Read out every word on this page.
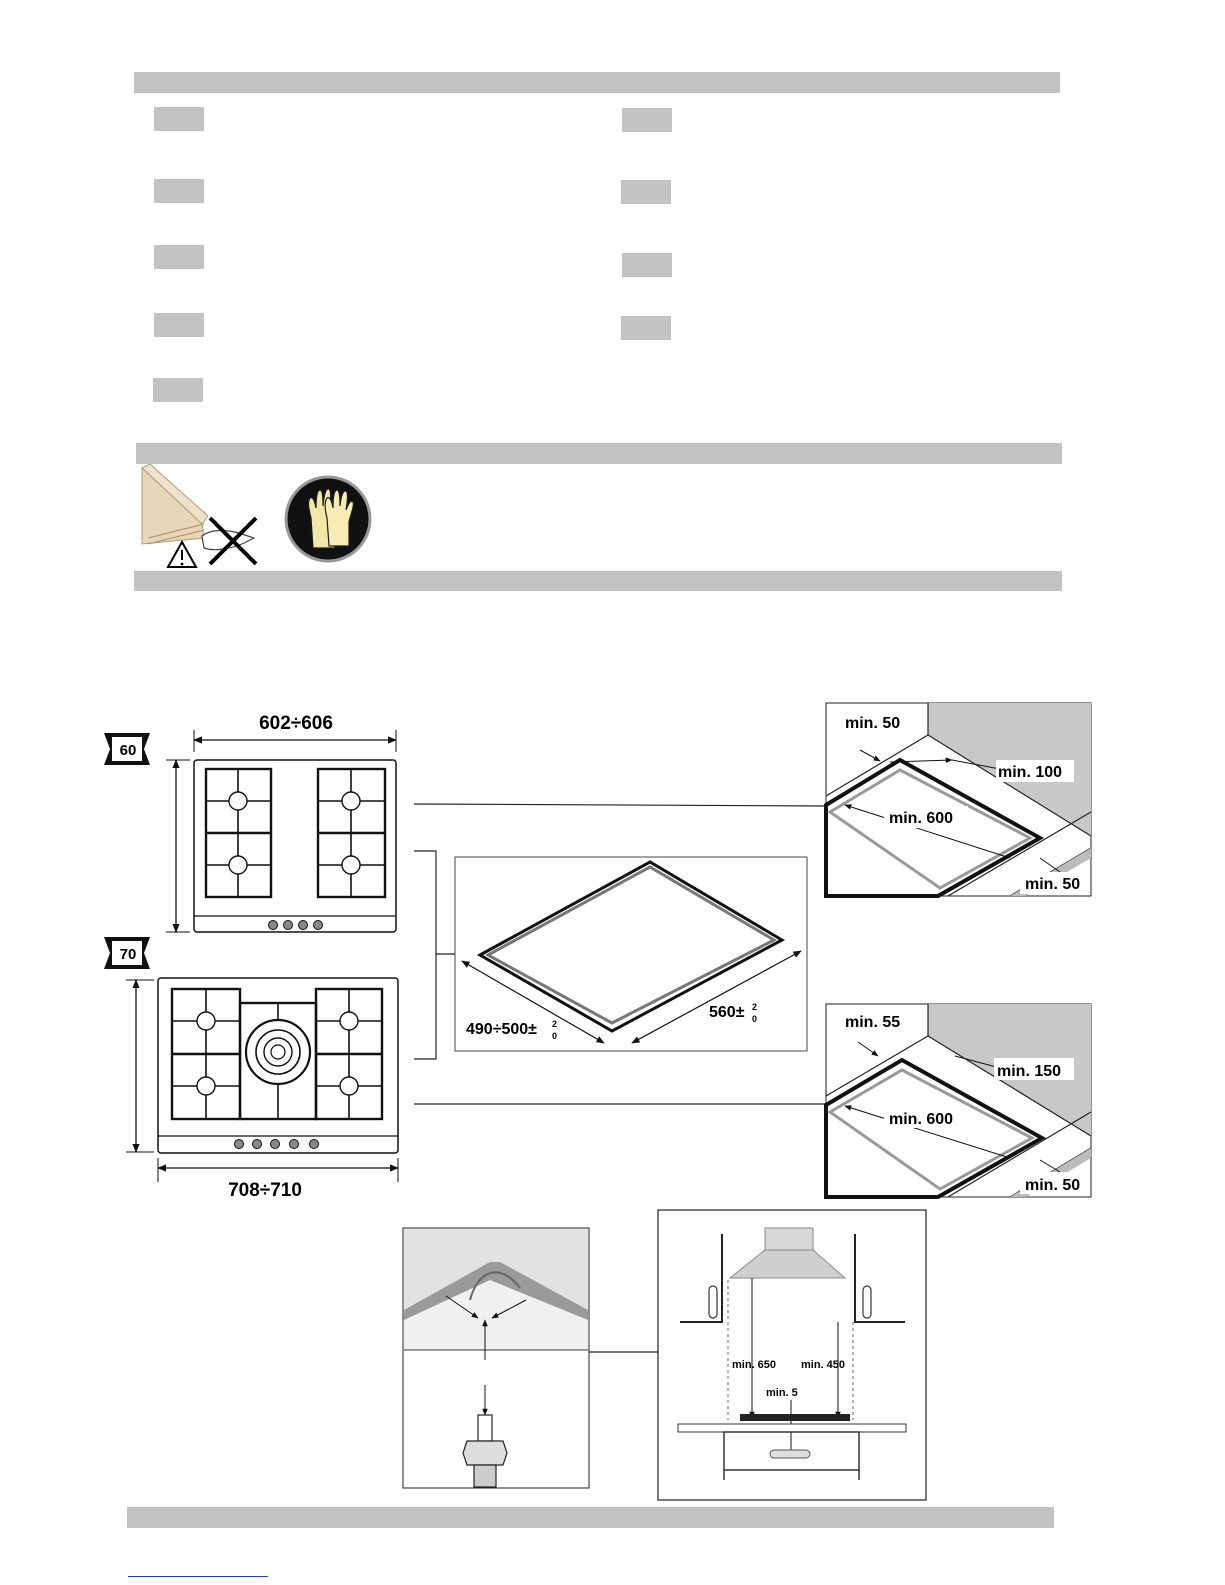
60
70
602÷606
708÷710
490÷500± 2
0
560± 2
0
min. 50
min. 100
min. 600
min. 50
min. 55
min. 150
min. 600
min. 50
min. 650 min. 450
min. 5
